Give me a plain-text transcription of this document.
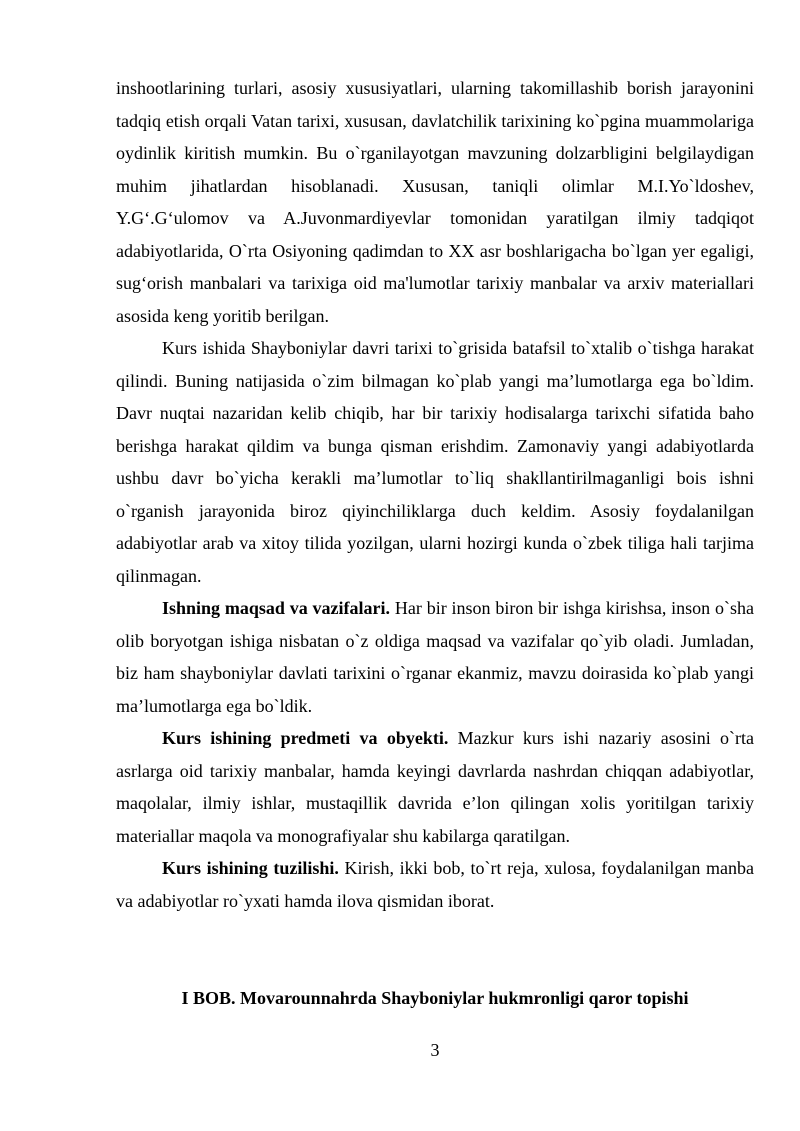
inshootlarining turlari, asosiy xususiyatlari, ularning takomillashib borish jarayonini tadqiq etish orqali Vatan tarixi, xususan, davlatchilik tarixining ko`pgina muammolariga oydinlik kiritish mumkin. Bu o`rganilayotgan mavzuning dolzarbligini belgilaydigan muhim jihatlardan hisoblanadi. Xususan, taniqli olimlar M.I.Yo`ldoshev, Y.G‘.G‘ulomov va A.Juvonmardiyevlar tomonidan yaratilgan ilmiy tadqiqot adabiyotlarida, O`rta Osiyoning qadimdan to XX asr boshlarigacha bo`lgan yer egaligi, sug‘orish manbalari va tarixiga oid ma'lumotlar tarixiy manbalar va arxiv materiallari asosida keng yoritib berilgan.

Kurs ishida Shayboniylar davri tarixi to`grisida batafsil to`xtalib o`tishga harakat qilindi. Buning natijasida o`zim bilmagan ko`plab yangi ma’lumotlarga ega bo`ldim. Davr nuqtai nazaridan kelib chiqib, har bir tarixiy hodisalarga tarixchi sifatida baho berishga harakat qildim va bunga qisman erishdim. Zamonaviy yangi adabiyotlarda ushbu davr bo`yicha kerakli ma’lumotlar to`liq shakllantirilmaganligi bois ishni o`rganish jarayonida biroz qiyinchiliklarga duch keldim. Asosiy foydalanilgan adabiyotlar arab va xitoy tilida yozilgan, ularni hozirgi kunda o`zbek tiliga hali tarjima qilinmagan.

Ishning maqsad va vazifalari. Har bir inson biron bir ishga kirishsa, inson o`sha olib boryotgan ishiga nisbatan o`z oldiga maqsad va vazifalar qo`yib oladi. Jumladan, biz ham shayboniylar davlati tarixini o`rganar ekanmiz, mavzu doirasida ko`plab yangi ma’lumotlarga ega bo`ldik.

Kurs ishining predmeti va obyekti. Mazkur kurs ishi nazariy asosini o`rta asrlarga oid tarixiy manbalar, hamda keyingi davrlarda nashrdan chiqqan adabiyotlar, maqolalar, ilmiy ishlar, mustaqillik davrida e’lon qilingan xolis yoritilgan tarixiy materiallar maqola va monografiyalar shu kabilarga qaratilgan.

Kurs ishining tuzilishi. Kirish, ikki bob, to`rt reja, xulosa, foydalanilgan manba va adabiyotlar ro`yxati hamda ilova qismidan iborat.

I BOB. Movarounnahrda Shayboniylar hukmronligi qaror topishi
3
